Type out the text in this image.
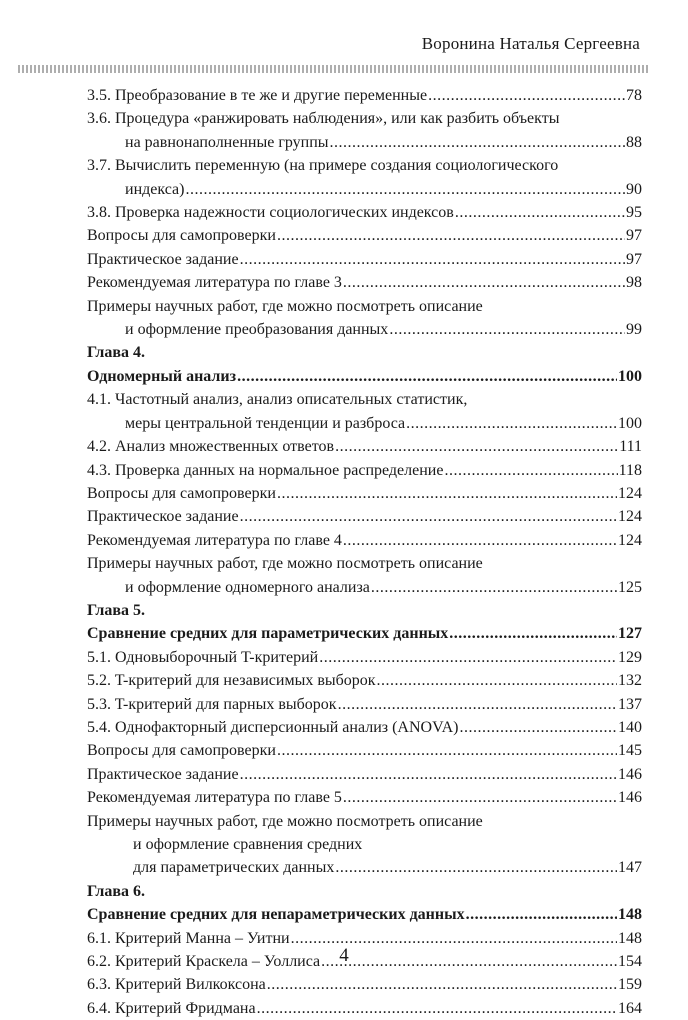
Воронина Наталья Сергеевна
3.5. Преобразование в те же и другие переменные .....	78
3.6. Процедура «ранжировать наблюдения», или как разбить объекты
на равнонаполненные группы .....	88
3.7. Вычислить переменную (на примере создания социологического
индекса) .....	90
3.8. Проверка надежности социологических индексов .....	95
Вопросы для самопроверки .....	97
Практическое задание .....	97
Рекомендуемая литература по главе 3 .....	98
Примеры научных работ, где можно посмотреть описание
и оформление преобразования данных .....	99
Глава 4.
Одномерный анализ .....	100
4.1. Частотный анализ, анализ описательных статистик,
меры центральной тенденции и разброса .....	100
4.2. Анализ множественных ответов .....	111
4.3. Проверка данных на нормальное распределение .....	118
Вопросы для самопроверки .....	124
Практическое задание .....	124
Рекомендуемая литература по главе 4 .....	124
Примеры научных работ, где можно посмотреть описание
и оформление одномерного анализа .....	125
Глава 5.
Сравнение средних для параметрических данных .....	127
5.1. Одновыборочный T-критерий .....	129
5.2. T-критерий для независимых выборок .....	132
5.3. T-критерий для парных выборок .....	137
5.4. Однофакторный дисперсионный анализ (ANOVA) .....	140
Вопросы для самопроверки .....	145
Практическое задание .....	146
Рекомендуемая литература по главе 5 .....	146
Примеры научных работ, где можно посмотреть описание
и оформление сравнения средних
для параметрических данных .....	147
Глава 6.
Сравнение средних для непараметрических данных .....	148
6.1. Критерий Манна – Уитни .....	148
6.2. Критерий Краскела – Уоллиса .....	154
6.3. Критерий Вилкоксона .....	159
6.4. Критерий Фридмана .....	164
4
